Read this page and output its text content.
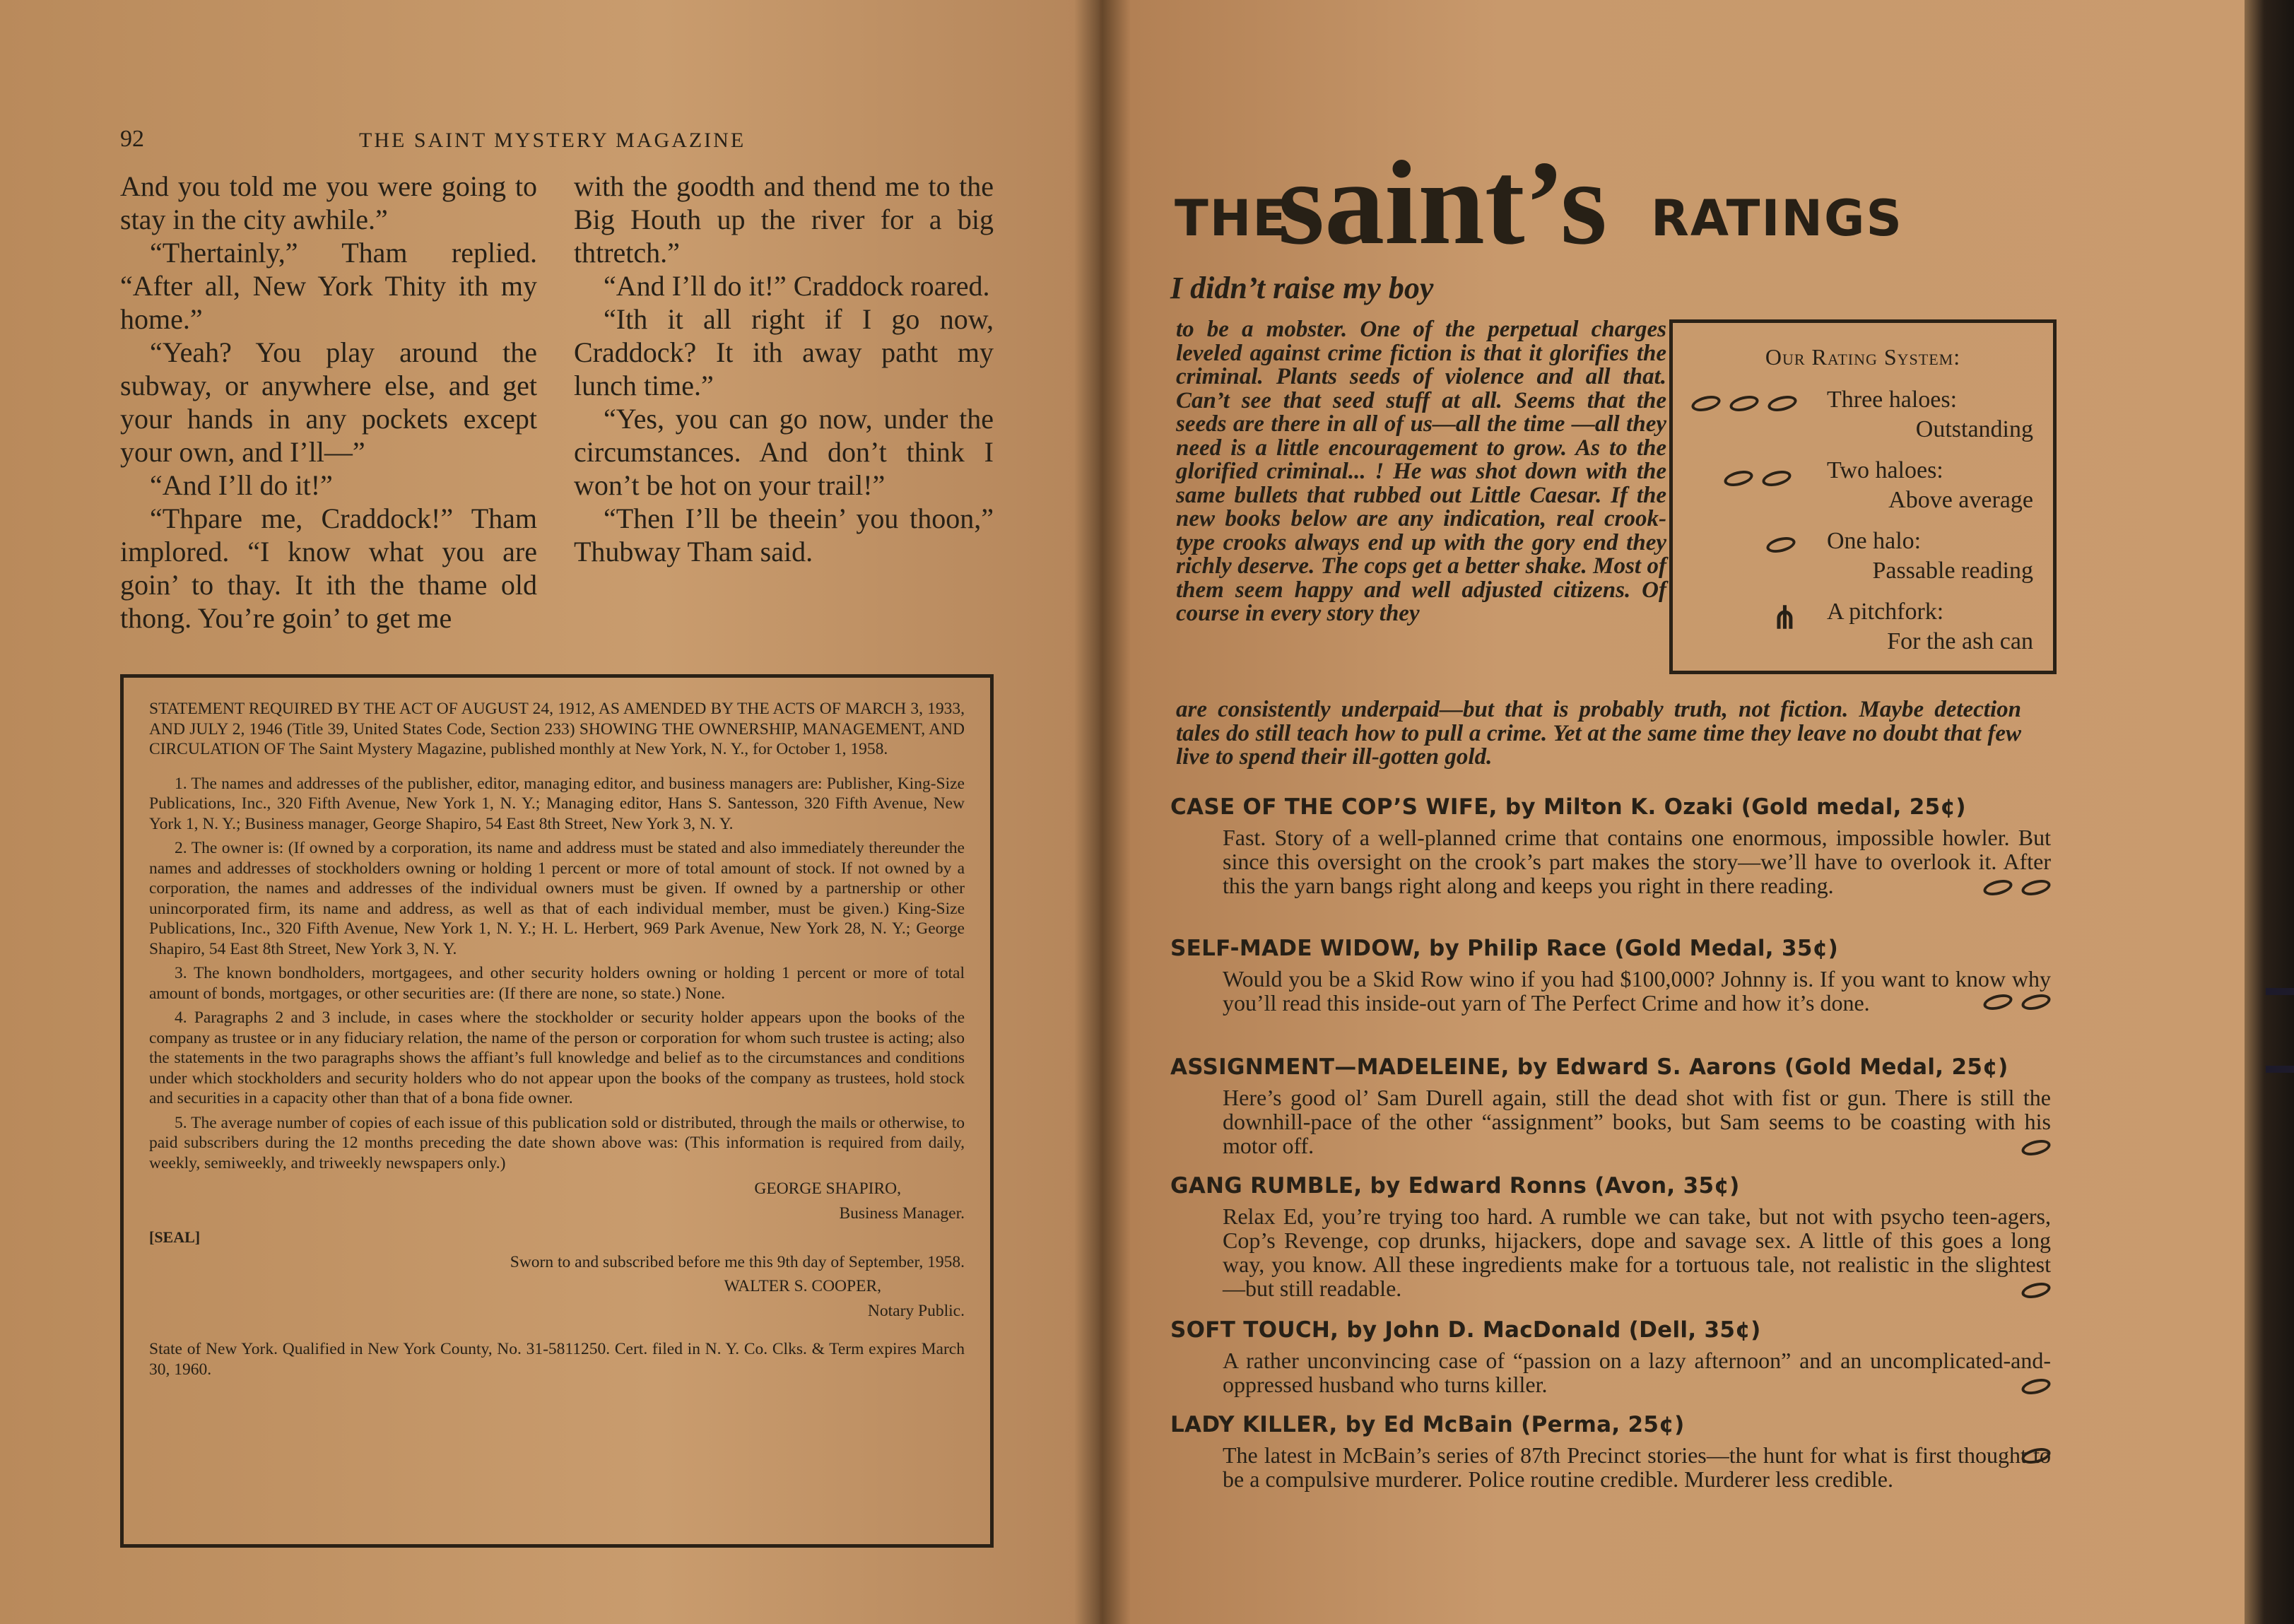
92	THE SAINT MYSTERY MAGAZINE

And you told me you were going to stay in the city awhile.”

“Thertainly,” Tham replied. “After all, New York Thity ith my home.”

“Yeah? You play around the subway, or anywhere else, and get your hands in any pockets except your own, and I’ll—”

“And I’ll do it!”

“Thpare me, Craddock!” Tham implored. “I know what you are goin’ to thay. It ith the thame old thong. You’re goin’ to get me

with the goodth and thend me to the Big Houth up the river for a big thtretch.”

“And I’ll do it!” Craddock roared.

“Ith it all right if I go now, Craddock? It ith away patht my lunch time.”

“Yes, you can go now, under the circumstances. And don’t think I won’t be hot on your trail!”

“Then I’ll be theein’ you thoon,” Thubway Tham said.

STATEMENT REQUIRED BY THE ACT OF AUGUST 24, 1912, AS AMENDED BY THE ACTS OF MARCH 3, 1933, AND JULY 2, 1946 (Title 39, United States Code, Section 233) SHOWING THE OWNERSHIP, MANAGEMENT, AND CIRCULATION OF The Saint Mystery Magazine, published monthly at New York, N. Y., for October 1, 1958.

1. The names and addresses of the publisher, editor, managing editor, and business managers are: Publisher, King-Size Publications, Inc., 320 Fifth Avenue, New York 1, N. Y.; Managing editor, Hans S. Santesson, 320 Fifth Avenue, New York 1, N. Y.; Business manager, George Shapiro, 54 East 8th Street, New York 3, N. Y.

2. The owner is: (If owned by a corporation, its name and address must be stated and also immediately thereunder the names and addresses of stockholders owning or holding 1 percent or more of total amount of stock. If not owned by a corporation, the names and addresses of the individual owners must be given. If owned by a partnership or other unincorporated firm, its name and address, as well as that of each individual member, must be given.) King-Size Publications, Inc., 320 Fifth Avenue, New York 1, N. Y.; H. L. Herbert, 969 Park Avenue, New York 28, N. Y.; George Shapiro, 54 East 8th Street, New York 3, N. Y.

3. The known bondholders, mortgagees, and other security holders owning or holding 1 percent or more of total amount of bonds, mortgages, or other securities are: (If there are none, so state.) None.

4. Paragraphs 2 and 3 include, in cases where the stockholder or security holder appears upon the books of the company as trustee or in any fiduciary relation, the name of the person or corporation for whom such trustee is acting; also the statements in the two paragraphs shows the affiant’s full knowledge and belief as to the circumstances and conditions under which stockholders and security holders who do not appear upon the books of the company as trustees, hold stock and securities in a capacity other than that of a bona fide owner.

5. The average number of copies of each issue of this publication sold or distributed, through the mails or otherwise, to paid subscribers during the 12 months preceding the date shown above was: (This information is required from daily, weekly, semiweekly, and triweekly newspapers only.)

GEORGE SHAPIRO,

Business Manager.

[SEAL]

Sworn to and subscribed before me this 9th day of September, 1958.

WALTER S. COOPER,

Notary Public.

State of New York. Qualified in New York County, No. 31-5811250. Cert. filed in N. Y. Co. Clks. & Term expires March 30, 1960.

THE
saint’s RATINGS
I didn’t raise my boy
to be a mobster. One of the perpetual charges leveled against crime fiction is that it glorifies the criminal. Plants seeds of violence and all that. Can’t see that seed stuff at all. Seems that the seeds are there in all of us—all the time —all they need is a little encouragement to grow. As to the glorified criminal... ! He was shot down with the same bullets that rubbed out Little Caesar. If the new books below are any indication, real crook-type crooks always end up with the gory end they richly deserve. The cops get a better shake. Most of them seem happy and well adjusted citizens. Of course in every story they
are consistently underpaid—but that is probably truth, not fiction. Maybe detection tales do still teach how to pull a crime. Yet at the same time they leave no doubt that few live to spend their ill-gotten gold.
Our Rating System:
Three haloes:
Outstanding
Two haloes:
Above average
One halo:
Passable reading
⋔ A pitchfork:
For the ash can
CASE OF THE COP’S WIFE, by Milton K. Ozaki (Gold medal, 25¢)
Fast. Story of a well-planned crime that contains one enormous, impossible howler. But since this oversight on the crook’s part makes the story—we’ll have to overlook it. After this the yarn bangs right along and keeps you right in there reading.
SELF-MADE WIDOW, by Philip Race (Gold Medal, 35¢)
Would you be a Skid Row wino if you had $100,000? Johnny is. If you want to know why you’ll read this inside-out yarn of The Perfect Crime and how it’s done.
ASSIGNMENT—MADELEINE, by Edward S. Aarons (Gold Medal, 25¢)
Here’s good ol’ Sam Durell again, still the dead shot with fist or gun. There is still the downhill-pace of the other “assignment” books, but Sam seems to be coasting with his motor off.
GANG RUMBLE, by Edward Ronns (Avon, 35¢)
Relax Ed, you’re trying too hard. A rumble we can take, but not with psycho teen-agers, Cop’s Revenge, cop drunks, hijackers, dope and savage sex. A little of this goes a long way, you know. All these ingredients make for a tortuous tale, not realistic in the slightest—but still readable.
SOFT TOUCH, by John D. MacDonald (Dell, 35¢)
A rather unconvincing case of “passion on a lazy afternoon” and an uncomplicated-and-oppressed husband who turns killer.
LADY KILLER, by Ed McBain (Perma, 25¢)
The latest in McBain’s series of 87th Precinct stories—the hunt for what is first thought to be a compulsive murderer. Police routine credible. Murderer less credible.
